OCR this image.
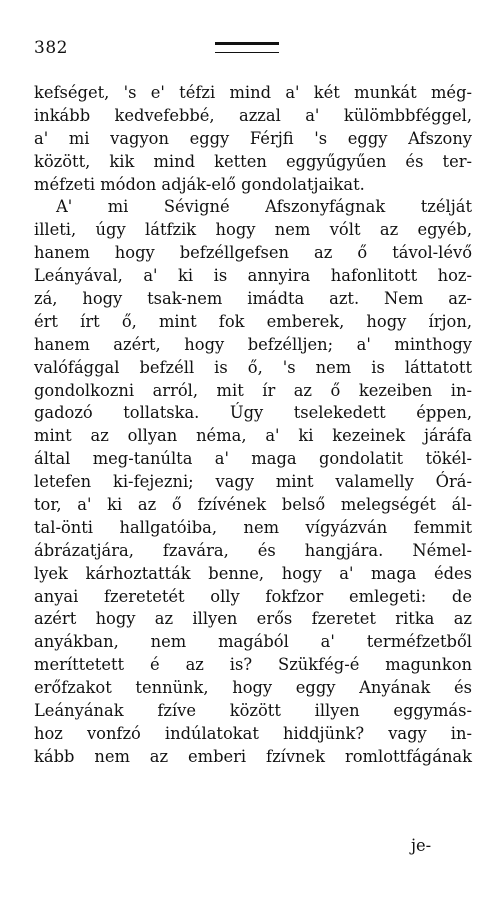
382
kefséget, 's e' téfzi mind a' két munkát még-
inkább kedvefebbé, azzal a' külömbbféggel,
a' mi vagyon eggy Férjfi 's eggy Afszony
között, kik mind ketten eggyűgyűen és ter-
méfzeti módon adják-elő gondolatjaikat.
A' mi Sévigné Afszonyfágnak tzélját
illeti, úgy látfzik hogy nem vólt az egyéb,
hanem hogy befzéllgefsen az ő távol-lévő
Leányával, a' ki is annyira hafonlitott hoz-
zá, hogy tsak-nem imádta azt. Nem az-
ért írt ő, mint fok emberek, hogy írjon,
hanem azért, hogy befzélljen; a' minthogy
valófággal befzéll is ő, 's nem is láttatott
gondolkozni arról, mit ír az ő kezeiben in-
gadozó tollatska. Úgy tselekedett éppen,
mint az ollyan néma, a' ki kezeinek járáfa
által meg-tanúlta a' maga gondolatit tökél-
letefen ki-fejezni; vagy mint valamelly Órá-
tor, a' ki az ő fzívének belső melegségét ál-
tal-önti hallgatóiba, nem vígyázván femmit
ábrázatjára, fzavára, és hangjára. Némel-
lyek kárhoztatták benne, hogy a' maga édes
anyai fzeretetét olly fokfzor emlegeti: de
azért hogy az illyen erős fzeretet ritka az
anyákban, nem magából a' terméfzetből
meríttetett é az is? Szükfég-é magunkon
erőfzakot tennünk, hogy eggy Anyának és
Leányának fzíve között illyen eggymás-
hoz vonfzó indúlatokat hiddjünk? vagy in-
kább nem az emberi fzívnek romlottfágának
je-
